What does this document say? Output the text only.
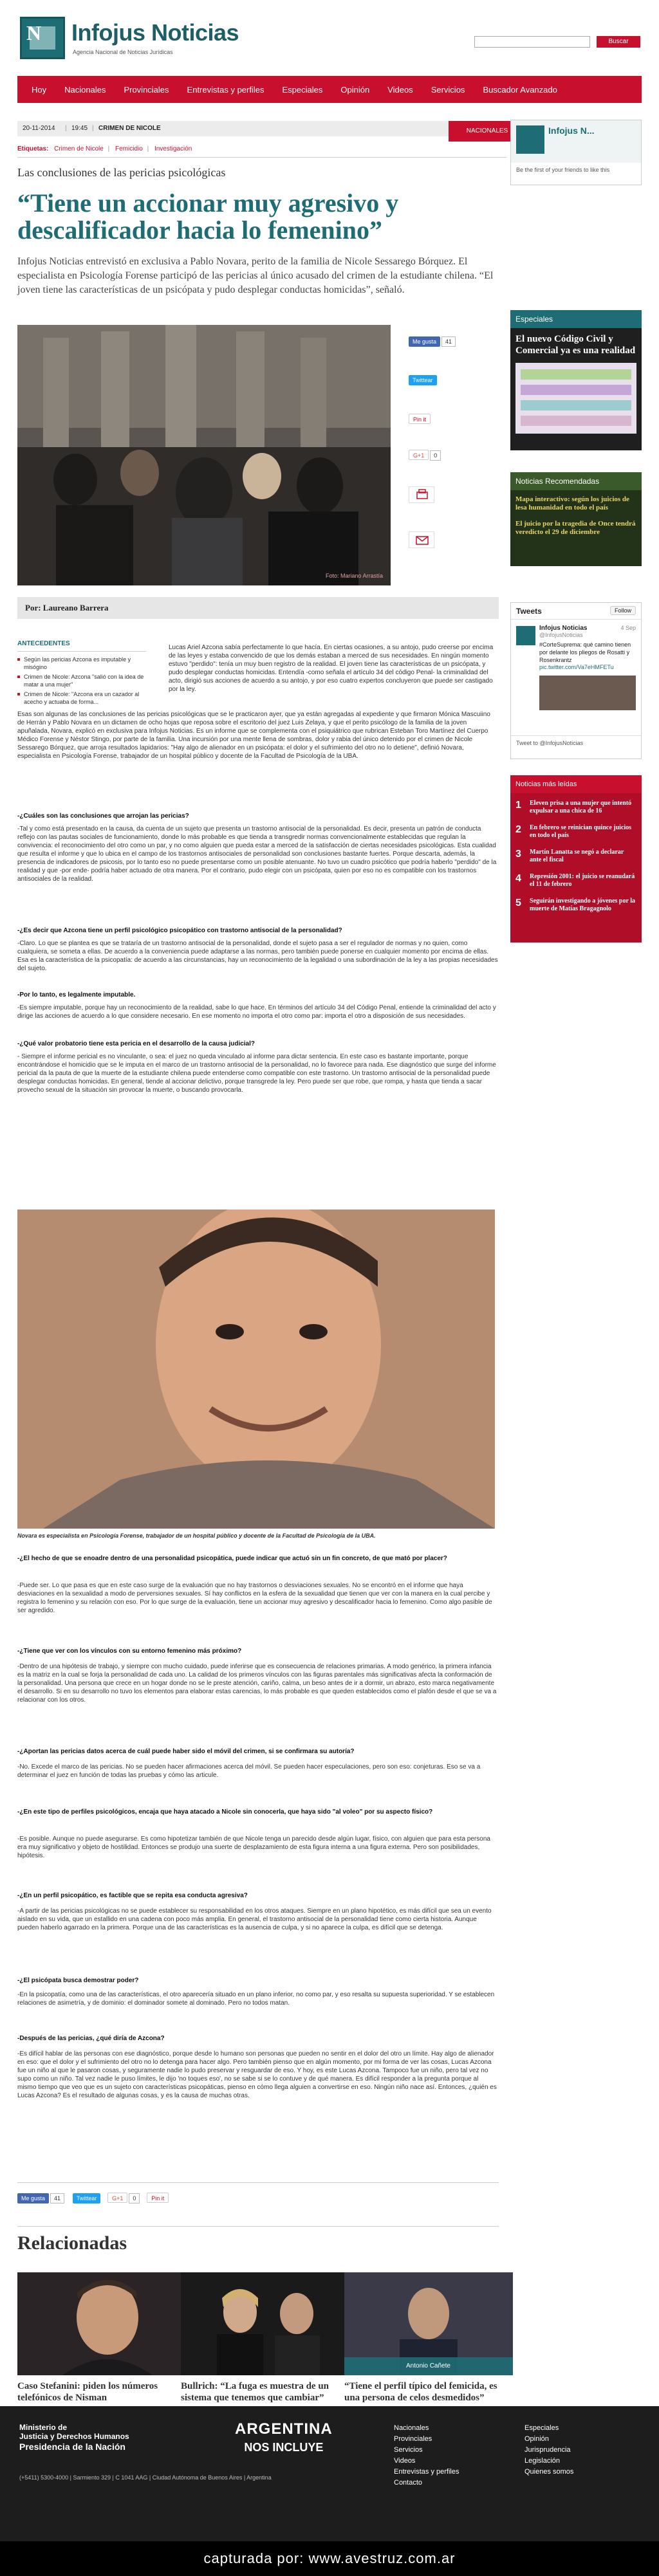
N Infojus Noticias
Agencia Nacional de Noticias Jurídicas
Buscar
Hoy	Nacionales	Provinciales	Entrevistas y perfiles	Especiales	Opinión	Videos	Servicios	Buscador Avanzado
20-11-2014 | 19:45 | CRIMEN DE NICOLE	NACIONALES
Etiquetas: Crimen de Nicole | Femicidio | Investigación
Las conclusiones de las pericias psicológicas
“Tiene un accionar muy agresivo y descalificador hacia lo femenino”
Infojus Noticias entrevistó en exclusiva a Pablo Novara, perito de la familia de Nicole Sessarego Bórquez. El especialista en Psicología Forense participó de las pericias al único acusado del crimen de la estudiante chilena. “El joven tiene las características de un psicópata y pudo desplegar conductas homicidas”, señaló.
Foto: Mariano Arrastía
Me gusta 41
Twittear
Pin it
G+1 0
Por: Laureano Barrera
ANTECEDENTES
Según las pericias Azcona es imputable y misógino
Crimen de Nicole: Azcona "salió con la idea de matar a una mujer"
Crimen de Nicole: "Azcona era un cazador al acecho y actuaba de forma...
Lucas Ariel Azcona sabía perfectamente lo que hacía. En ciertas ocasiones, a su antojo, pudo creerse por encima de las leyes y estaba convencido de que los demás estaban a merced de sus necesidades. En ningún momento estuvo "perdido": tenía un muy buen registro de la realidad. El joven tiene las características de un psicópata, y pudo desplegar conductas homicidas. Entendía -como señala el artículo 34 del código Penal- la criminalidad del acto, dirigió sus acciones de acuerdo a su antojo, y por eso cuatro expertos concluyeron que puede ser castigado por la ley.
Esas son algunas de las conclusiones de las pericias psicológicas que se le practicaron ayer, que ya están agregadas al expediente y que firmaron Mónica Mascuiino de Herrán y Pablo Novara en un dictamen de ocho hojas que reposa sobre el escritorio del juez Luis Zelaya, y que el perito psicólogo de la familia de la joven apuñalada, Novara, explicó en exclusiva para Infojus Noticias. Es un informe que se complementa con el psiquiátrico que rubrican Esteban Toro Martínez del Cuerpo Médico Forense y Néstor Stingo, por parte de la familia. Una incursión por una mente llena de sombras, dolor y rabia del único detenido por el crimen de Nicole Sessarego Bórquez, que arroja resultados lapidarios: "Hay algo de alienador en un psicópata: el dolor y el sufrimiento del otro no lo detiene", definió Novara, especialista en Psicología Forense, trabajador de un hospital público y docente de la Facultad de Psicología de la UBA.
-¿Cuáles son las conclusiones que arrojan las pericias?
-Tal y como está presentado en la causa, da cuenta de un sujeto que presenta un trastorno antisocial de la personalidad. Es decir, presenta un patrón de conducta reflejo con las pautas sociales de funcionamiento, donde lo más probable es que tienda a transgredir normas convencionalmente establecidas que regulan la convivencia: el reconocimiento del otro como un par, y no como alguien que pueda estar a merced de la satisfacción de ciertas necesidades psicológicas. Esta cualidad que resulta el informe y que lo ubica en el campo de los trastornos antisociales de personalidad son conclusiones bastante fuertes. Porque descarta, además, la presencia de indicadores de psicosis, por lo tanto eso no puede presentarse como un posible atenuante. No tuvo un cuadro psicótico que podría haberlo "perdido" de la realidad y que -por ende- podría haber actuado de otra manera. Por el contrario, pudo elegir con un psicópata, quien por eso no es compatible con los trastornos antisociales de la realidad.
-¿Es decir que Azcona tiene un perfil psicológico psicopático con trastorno antisocial de la personalidad?
-Claro. Lo que se plantea es que se trataría de un trastorno antisocial de la personalidad, donde el sujeto pasa a ser el regulador de normas y no quien, como cualquiera, se someta a ellas. De acuerdo a la conveniencia puede adaptarse a las normas, pero también puede ponerse en cualquier momento por encima de ellas. Esa es la característica de la psicopatía: de acuerdo a las circunstancias, hay un reconocimiento de la legalidad o una subordinación de la ley a las propias necesidades del sujeto.
-Por lo tanto, es legalmente imputable.
-Es siempre imputable, porque hay un reconocimiento de la realidad, sabe lo que hace. En términos del artículo 34 del Código Penal, entiende la criminalidad del acto y dirige las acciones de acuerdo a lo que considere necesario. En ese momento no importa el otro como par: importa el otro a disposición de sus necesidades.
-¿Qué valor probatorio tiene esta pericia en el desarrollo de la causa judicial?
- Siempre el informe pericial es no vinculante, o sea: el juez no queda vinculado al informe para dictar sentencia. En este caso es bastante importante, porque encontrándose el homicidio que se le imputa en el marco de un trastorno antisocial de la personalidad, no lo favorece para nada. Ese diagnóstico que surge del informe pericial da la pauta de que la muerte de la estudiante chilena puede entenderse como compatible con este trastorno. Un trastorno antisocial de la personalidad puede desplegar conductas homicidas. En general, tiende al accionar delictivo, porque transgrede la ley. Pero puede ser que robe, que rompa, y hasta que tienda a sacar provecho sexual de la situación sin provocar la muerte, o buscando provocarla.
Novara es especialista en Psicología Forense, trabajador de un hospital público y docente de la Facultad de Psicología de la UBA.
-¿El hecho de que se enoadre dentro de una personalidad psicopática, puede indicar que actuó sin un fin concreto, de que mató por placer?
-Puede ser. Lo que pasa es que en este caso surge de la evaluación que no hay trastornos o desviaciones sexuales. No se encontró en el informe que haya desviaciones en la sexualidad a modo de perversiones sexuales. Sí hay conflictos en la esfera de la sexualidad que tienen que ver con la manera en la cual percibe y registra lo femenino y su relación con eso. Por lo que surge de la evaluación, tiene un accionar muy agresivo y descalificador hacia lo femenino. Como algo pasible de ser agredido.
-¿Tiene que ver con los vínculos con su entorno femenino más próximo?
-Dentro de una hipótesis de trabajo, y siempre con mucho cuidado, puede inferirse que es consecuencia de relaciones primarias. A modo genérico, la primera infancia es la matriz en la cual se forja la personalidad de cada uno. La calidad de los primeros vínculos con las figuras parentales más significativas afecta la conformación de la personalidad. Una persona que crece en un hogar donde no se le preste atención, cariño, calma, un beso antes de ir a dormir, un abrazo, esto marca negativamente el desarrollo. Si en su desarrollo no tuvo los elementos para elaborar estas carencias, lo más probable es que queden establecidos como el plafón desde el que se va a relacionar con los otros.
-¿Aportan las pericias datos acerca de cuál puede haber sido el móvil del crimen, si se confirmara su autoría?
-No. Excede el marco de las pericias. No se pueden hacer afirmaciones acerca del móvil. Se pueden hacer especulaciones, pero son eso: conjeturas. Eso se va a determinar el juez en función de todas las pruebas y cómo las articule.
-¿En este tipo de perfiles psicológicos, encaja que haya atacado a Nicole sin conocerla, que haya sido "al voleo" por su aspecto físico?
-Es posible. Aunque no puede asegurarse. Es como hipotetizar también de que Nicole tenga un parecido desde algún lugar, físico, con alguien que para esta persona era muy significativo y objeto de hostilidad. Entonces se produjo una suerte de desplazamiento de esta figura interna a una figura externa. Pero son posibilidades, hipótesis.
-¿En un perfil psicopático, es factible que se repita esa conducta agresiva?
-A partir de las pericias psicológicas no se puede establecer su responsabilidad en los otros ataques. Siempre en un plano hipotético, es más difícil que sea un evento aislado en su vida, que un estallido en una cadena con poco más amplia. En general, el trastorno antisocial de la personalidad tiene como cierta historia. Aunque pueden haberlo agarrado en la primera. Porque una de las características es la ausencia de culpa, y si no aparece la culpa, es difícil que se detenga.
-¿El psicópata busca demostrar poder?
-En la psicopatía, como una de las características, el otro aparecería situado en un plano inferior, no como par, y eso resalta su supuesta superioridad. Y se establecen relaciones de asimetría, y de dominio: el dominador somete al dominado. Pero no todos matan.
-Después de las pericias, ¿qué diría de Azcona?
-Es difícil hablar de las personas con ese diagnóstico, porque desde lo humano son personas que pueden no sentir en el dolor del otro un límite. Hay algo de alienador en eso: que el dolor y el sufrimiento del otro no lo detenga para hacer algo. Pero también pienso que en algún momento, por mi forma de ver las cosas, Lucas Azcona fue un niño al que le pasaron cosas, y seguramente nadie lo pudo preservar y resguardar de eso. Y hoy, es este Lucas Azcona. Tampoco fue un niño, pero tal vez no supo como un niño. Tal vez nadie le puso límites, le dijo 'no toques eso', no se sabe si se lo contuve y de qué manera. Es difícil responder a la pregunta porque al mismo tiempo que veo que es un sujeto con características psicopáticas, pienso en cómo llega alguien a convertirse en eso. Ningún niño nace así. Entonces, ¿quién es Lucas Azcona? Es el resultado de algunas cosas, y es la causa de muchas otras.
Me gusta 41	Twittear	G+1 0	Pin it
Relacionadas
Caso Stefanini: piden los números telefónicos de Nisman
Bullrich: “La fuga es muestra de un sistema que tenemos que cambiar”
Antonio Cañete
“Tiene el perfil típico del femicida, es una persona de celos desmedidos”
Infojus N...
Be the first of your friends to like this
Especiales
El nuevo Código Civil y Comercial ya es una realidad
Noticias Recomendadas
Mapa interactivo: según los juicios de lesa humanidad en todo el país
El juicio por la tragedia de Once tendrá veredicto el 29 de diciembre
Tweets	Follow
Infojus Noticias	4 Sep
@InfojusNoticias
#CorteSuprema: qué camino tienen por delante los pliegos de Rosatti y Rosenkrantz
pic.twitter.com/Va7eHMFETu
Tweet to @InfojusNoticias
Noticias más leídas
1 Eleven prisa a una mujer que intentó expulsar a una chica de 16
2 En febrero se reinician quince juicios en todo el país
3 Martín Lanatta se negó a declarar ante el fiscal
4 Represión 2001: el juicio se reanudará el 11 de febrero
5 Seguirán investigando a jóvenes por la muerte de Matías Bragagnolo
Ministerio de
Justicia y Derechos Humanos
Presidencia de la Nación
ARGENTINA
NOS INCLUYE
(+5411) 5300-4000 | Sarmiento 329 | C 1041 AAG | Ciudad Autónoma de Buenos Aires | Argentina
Nacionales
Provinciales
Servicios
Videos
Entrevistas y perfiles
Contacto
Especiales
Opinión
Jurisprudencia
Legislación
Quienes somos
capturada por: www.avestruz.com.ar
